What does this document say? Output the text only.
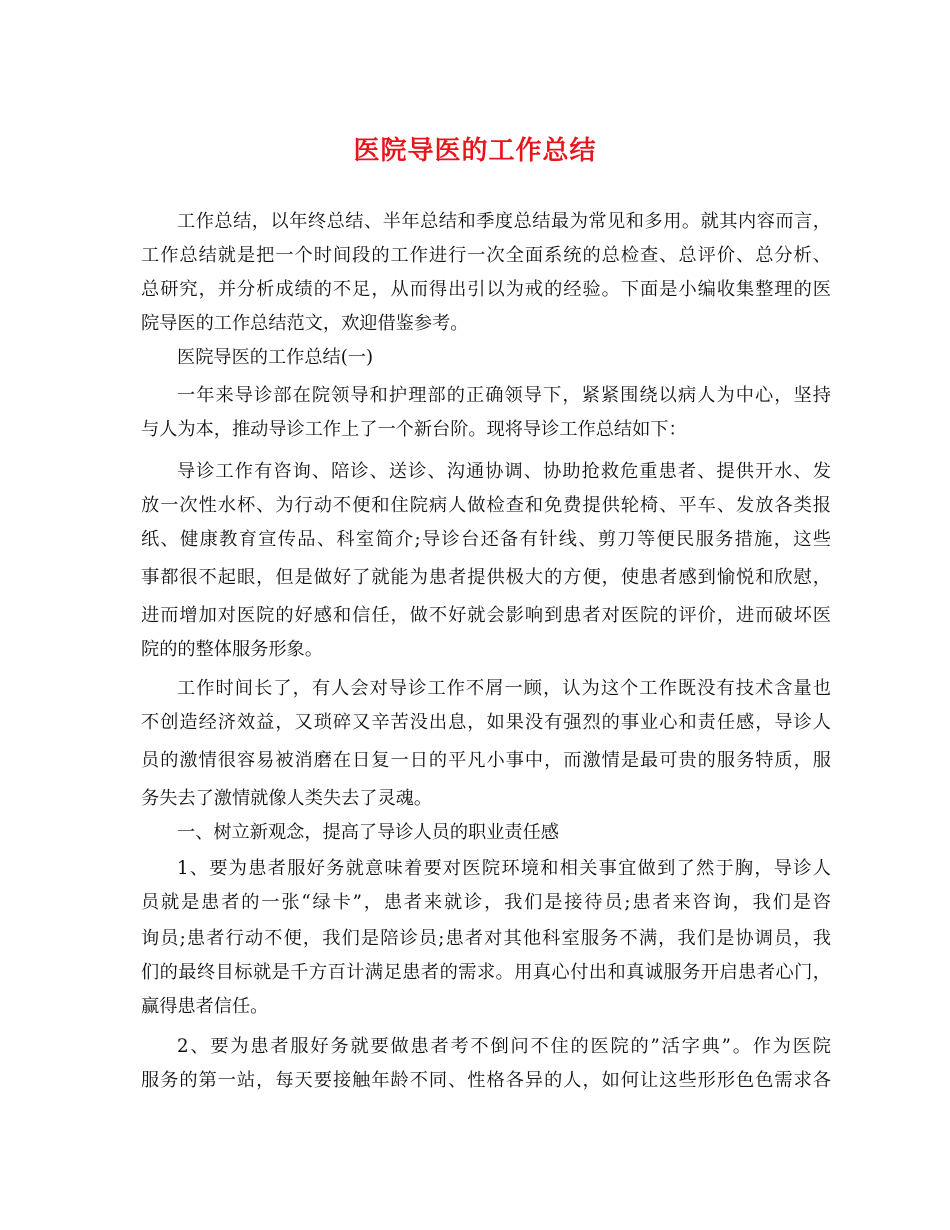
医院导医的工作总结
工作总结，以年终总结、半年总结和季度总结最为常见和多用。就其内容而言，
工作总结就是把一个时间段的工作进行一次全面系统的总检查、总评价、总分析、
总研究，并分析成绩的不足，从而得出引以为戒的经验。下面是小编收集整理的医
院导医的工作总结范文，欢迎借鉴参考。
医院导医的工作总结(一)
一年来导诊部在院领导和护理部的正确领导下，紧紧围绕以病人为中心，坚持
与人为本，推动导诊工作上了一个新台阶。现将导诊工作总结如下：
导诊工作有咨询、陪诊、送诊、沟通协调、协助抢救危重患者、提供开水、发
放一次性水杯、为行动不便和住院病人做检查和免费提供轮椅、平车、发放各类报
纸、健康教育宣传品、科室简介;导诊台还备有针线、剪刀等便民服务措施，这些
事都很不起眼，但是做好了就能为患者提供极大的方便，使患者感到愉悦和欣慰，
进而增加对医院的好感和信任，做不好就会影响到患者对医院的评价，进而破坏医
院的的整体服务形象。
工作时间长了，有人会对导诊工作不屑一顾，认为这个工作既没有技术含量也
不创造经济效益，又琐碎又辛苦没出息，如果没有强烈的事业心和责任感，导诊人
员的激情很容易被消磨在日复一日的平凡小事中，而激情是最可贵的服务特质，服
务失去了激情就像人类失去了灵魂。
一、树立新观念，提高了导诊人员的职业责任感
1、要为患者服好务就意味着要对医院环境和相关事宜做到了然于胸，导诊人
员就是患者的一张“绿卡”，患者来就诊，我们是接待员;患者来咨询，我们是咨
询员;患者行动不便，我们是陪诊员;患者对其他科室服务不满，我们是协调员，我
们的最终目标就是千方百计满足患者的需求。用真心付出和真诚服务开启患者心门，
赢得患者信任。
2、要为患者服好务就要做患者考不倒问不住的医院的”活字典”。作为医院
服务的第一站，每天要接触年龄不同、性格各异的人，如何让这些形形色色需求各
